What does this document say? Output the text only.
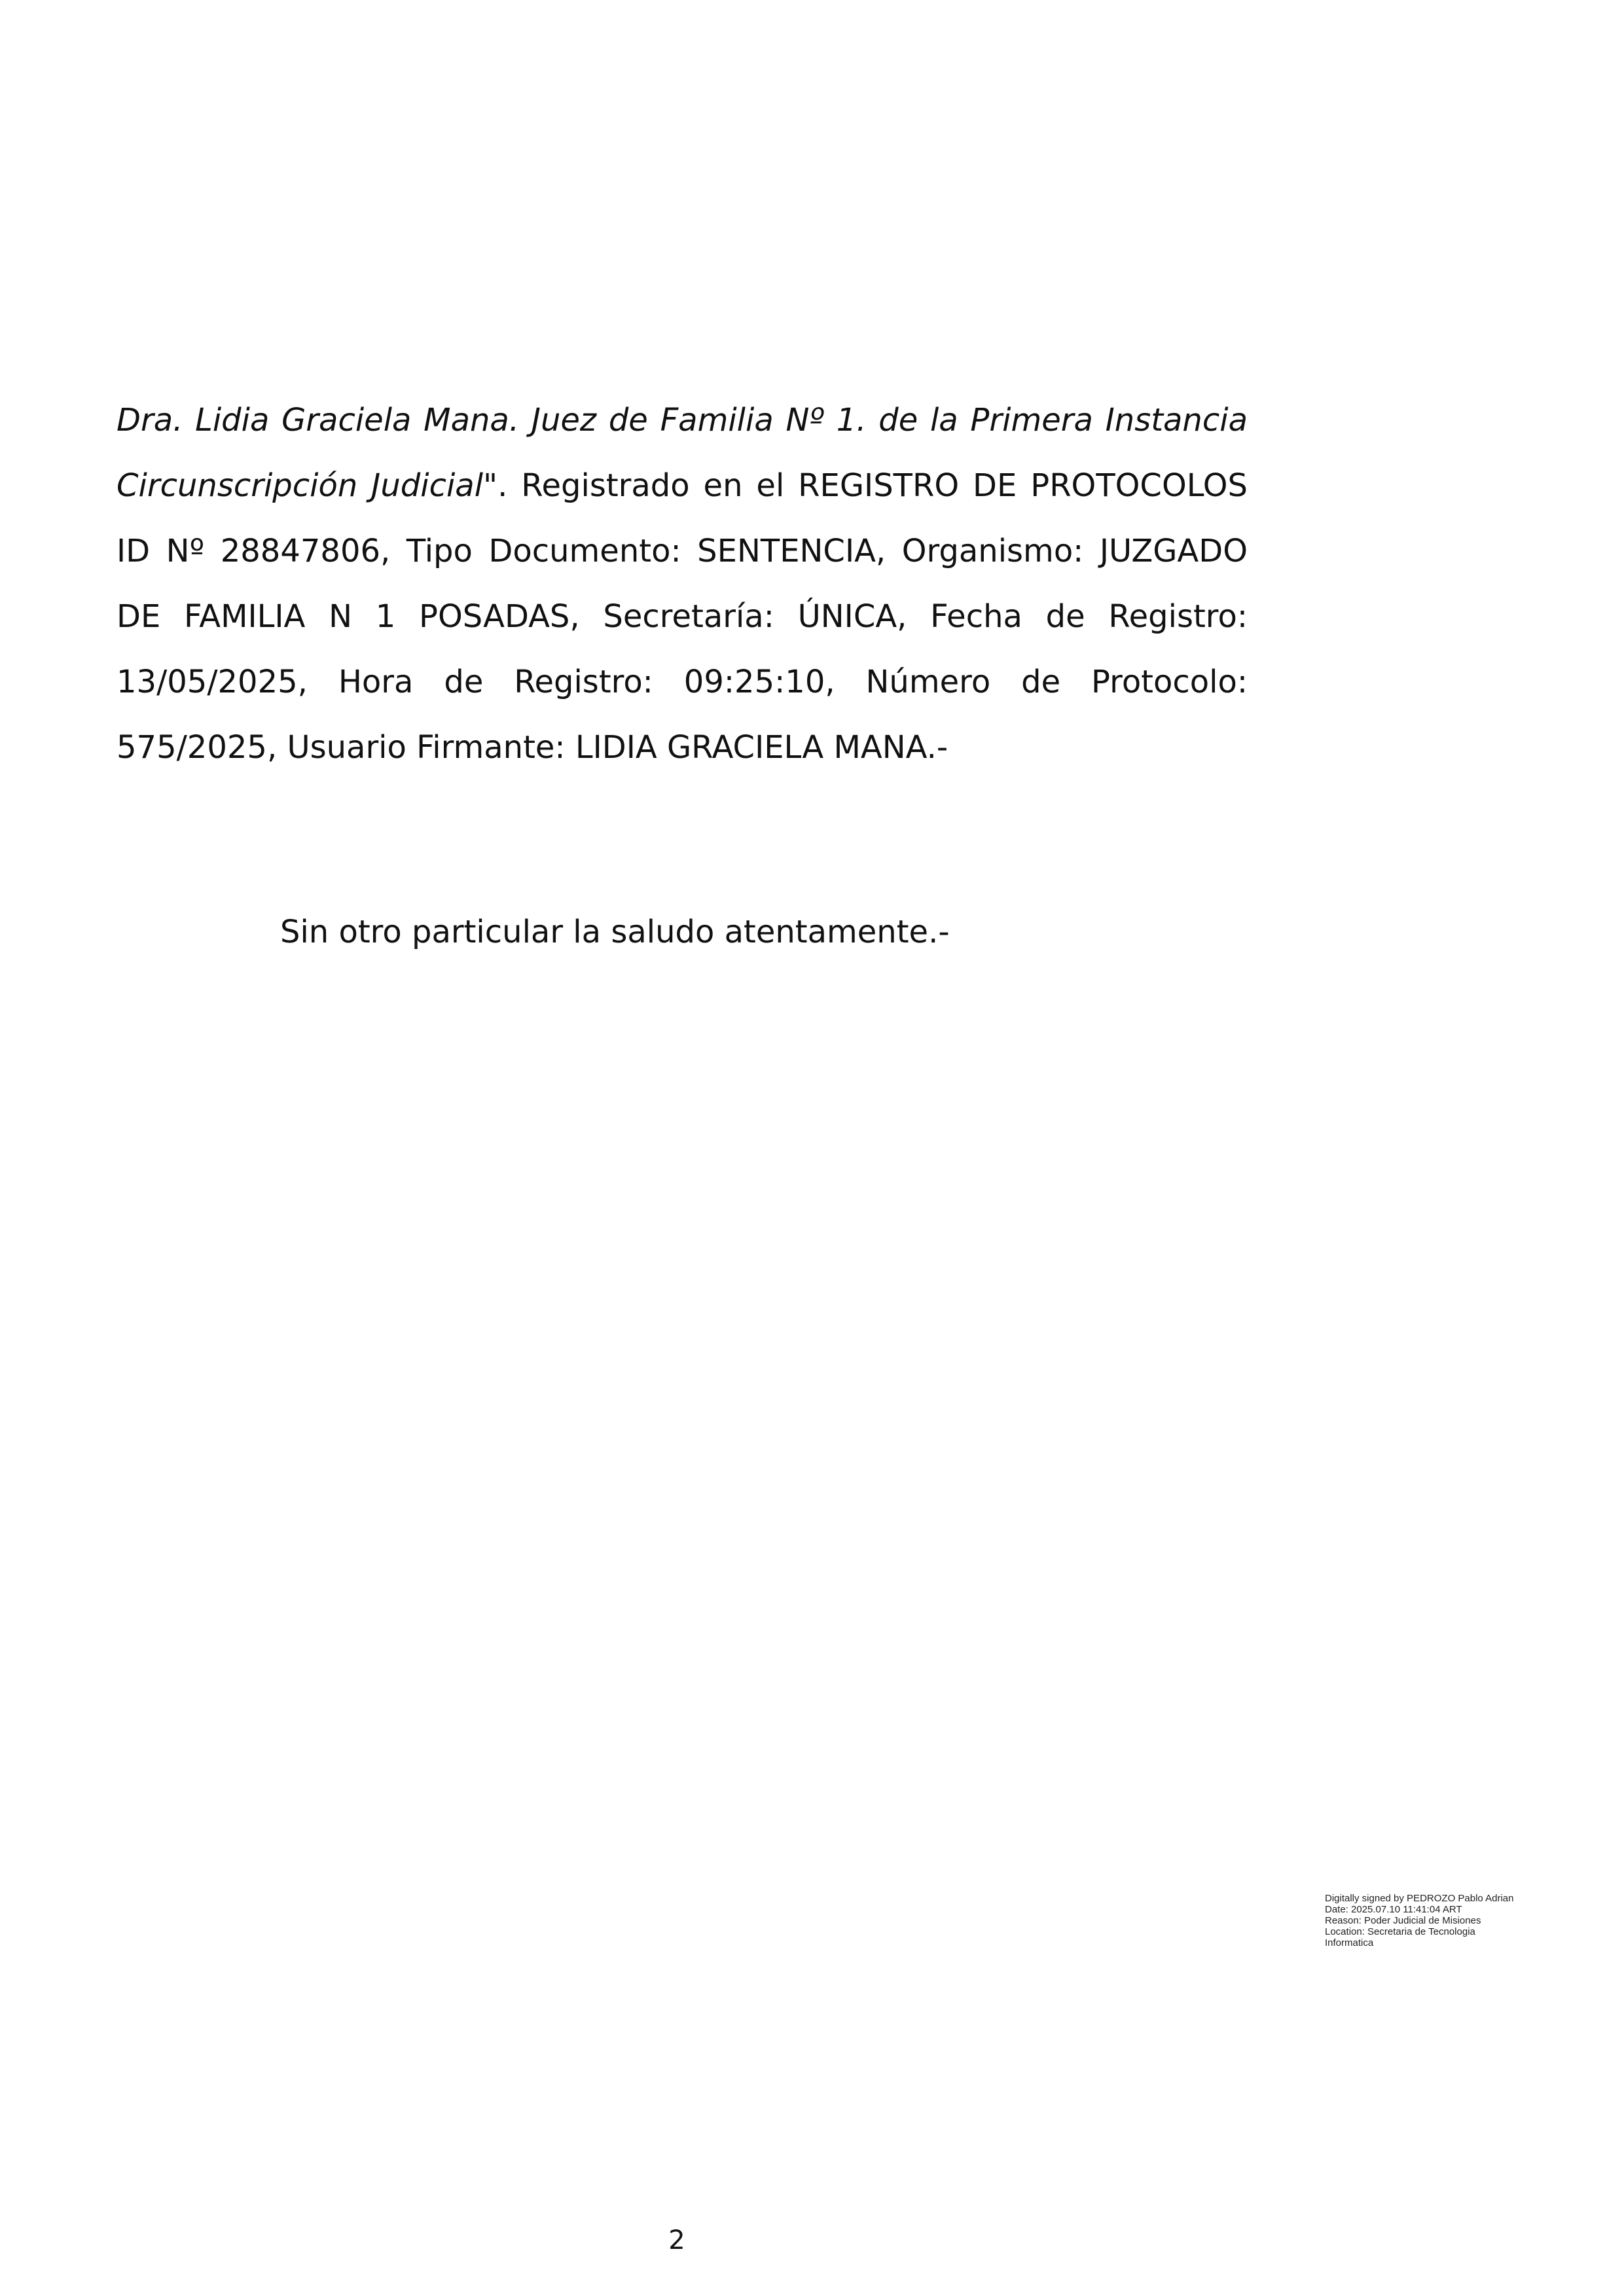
Dra. Lidia Graciela Mana. Juez de Familia Nº 1. de la Primera Instancia Circunscripción Judicial". Registrado en el REGISTRO DE PROTOCOLOS ID Nº 28847806, Tipo Documento: SENTENCIA, Organismo: JUZGADO DE FAMILIA N 1 POSADAS, Secretaría: ÚNICA, Fecha de Registro: 13/05/2025, Hora de Registro: 09:25:10, Número de Protocolo: 575/2025, Usuario Firmante: LIDIA GRACIELA MANA.-

Sin otro particular la saludo atentamente.-

Digitally signed by PEDROZO Pablo Adrian
Date: 2025.07.10 11:41:04 ART
Reason: Poder Judicial de Misiones
Location: Secretaria de Tecnologia
Informatica

2
